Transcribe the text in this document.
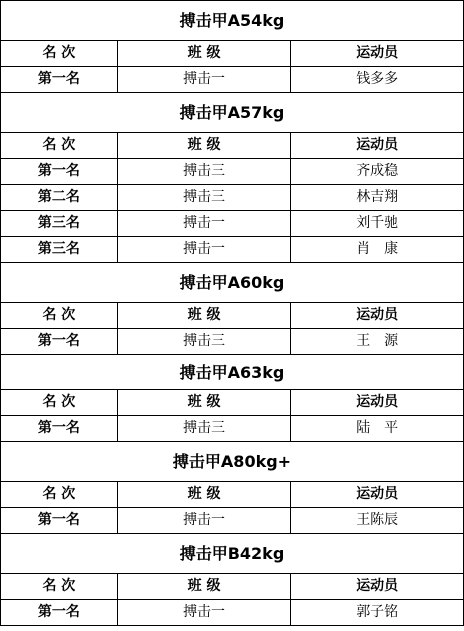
搏击甲A54kg
名 次	班 级	运动员
第一名	搏击一	钱多多
搏击甲A57kg
名 次	班 级	运动员
第一名	搏击三	齐成稳
第二名	搏击三	林吉翔
第三名	搏击一	刘千驰
第三名	搏击一	肖　康
搏击甲A60kg
名 次	班 级	运动员
第一名	搏击三	王　源
搏击甲A63kg
名 次	班 级	运动员
第一名	搏击三	陆　平
搏击甲A80kg+
名 次	班 级	运动员
第一名	搏击一	王陈辰
搏击甲B42kg
名 次	班 级	运动员
第一名	搏击一	郭子铭
